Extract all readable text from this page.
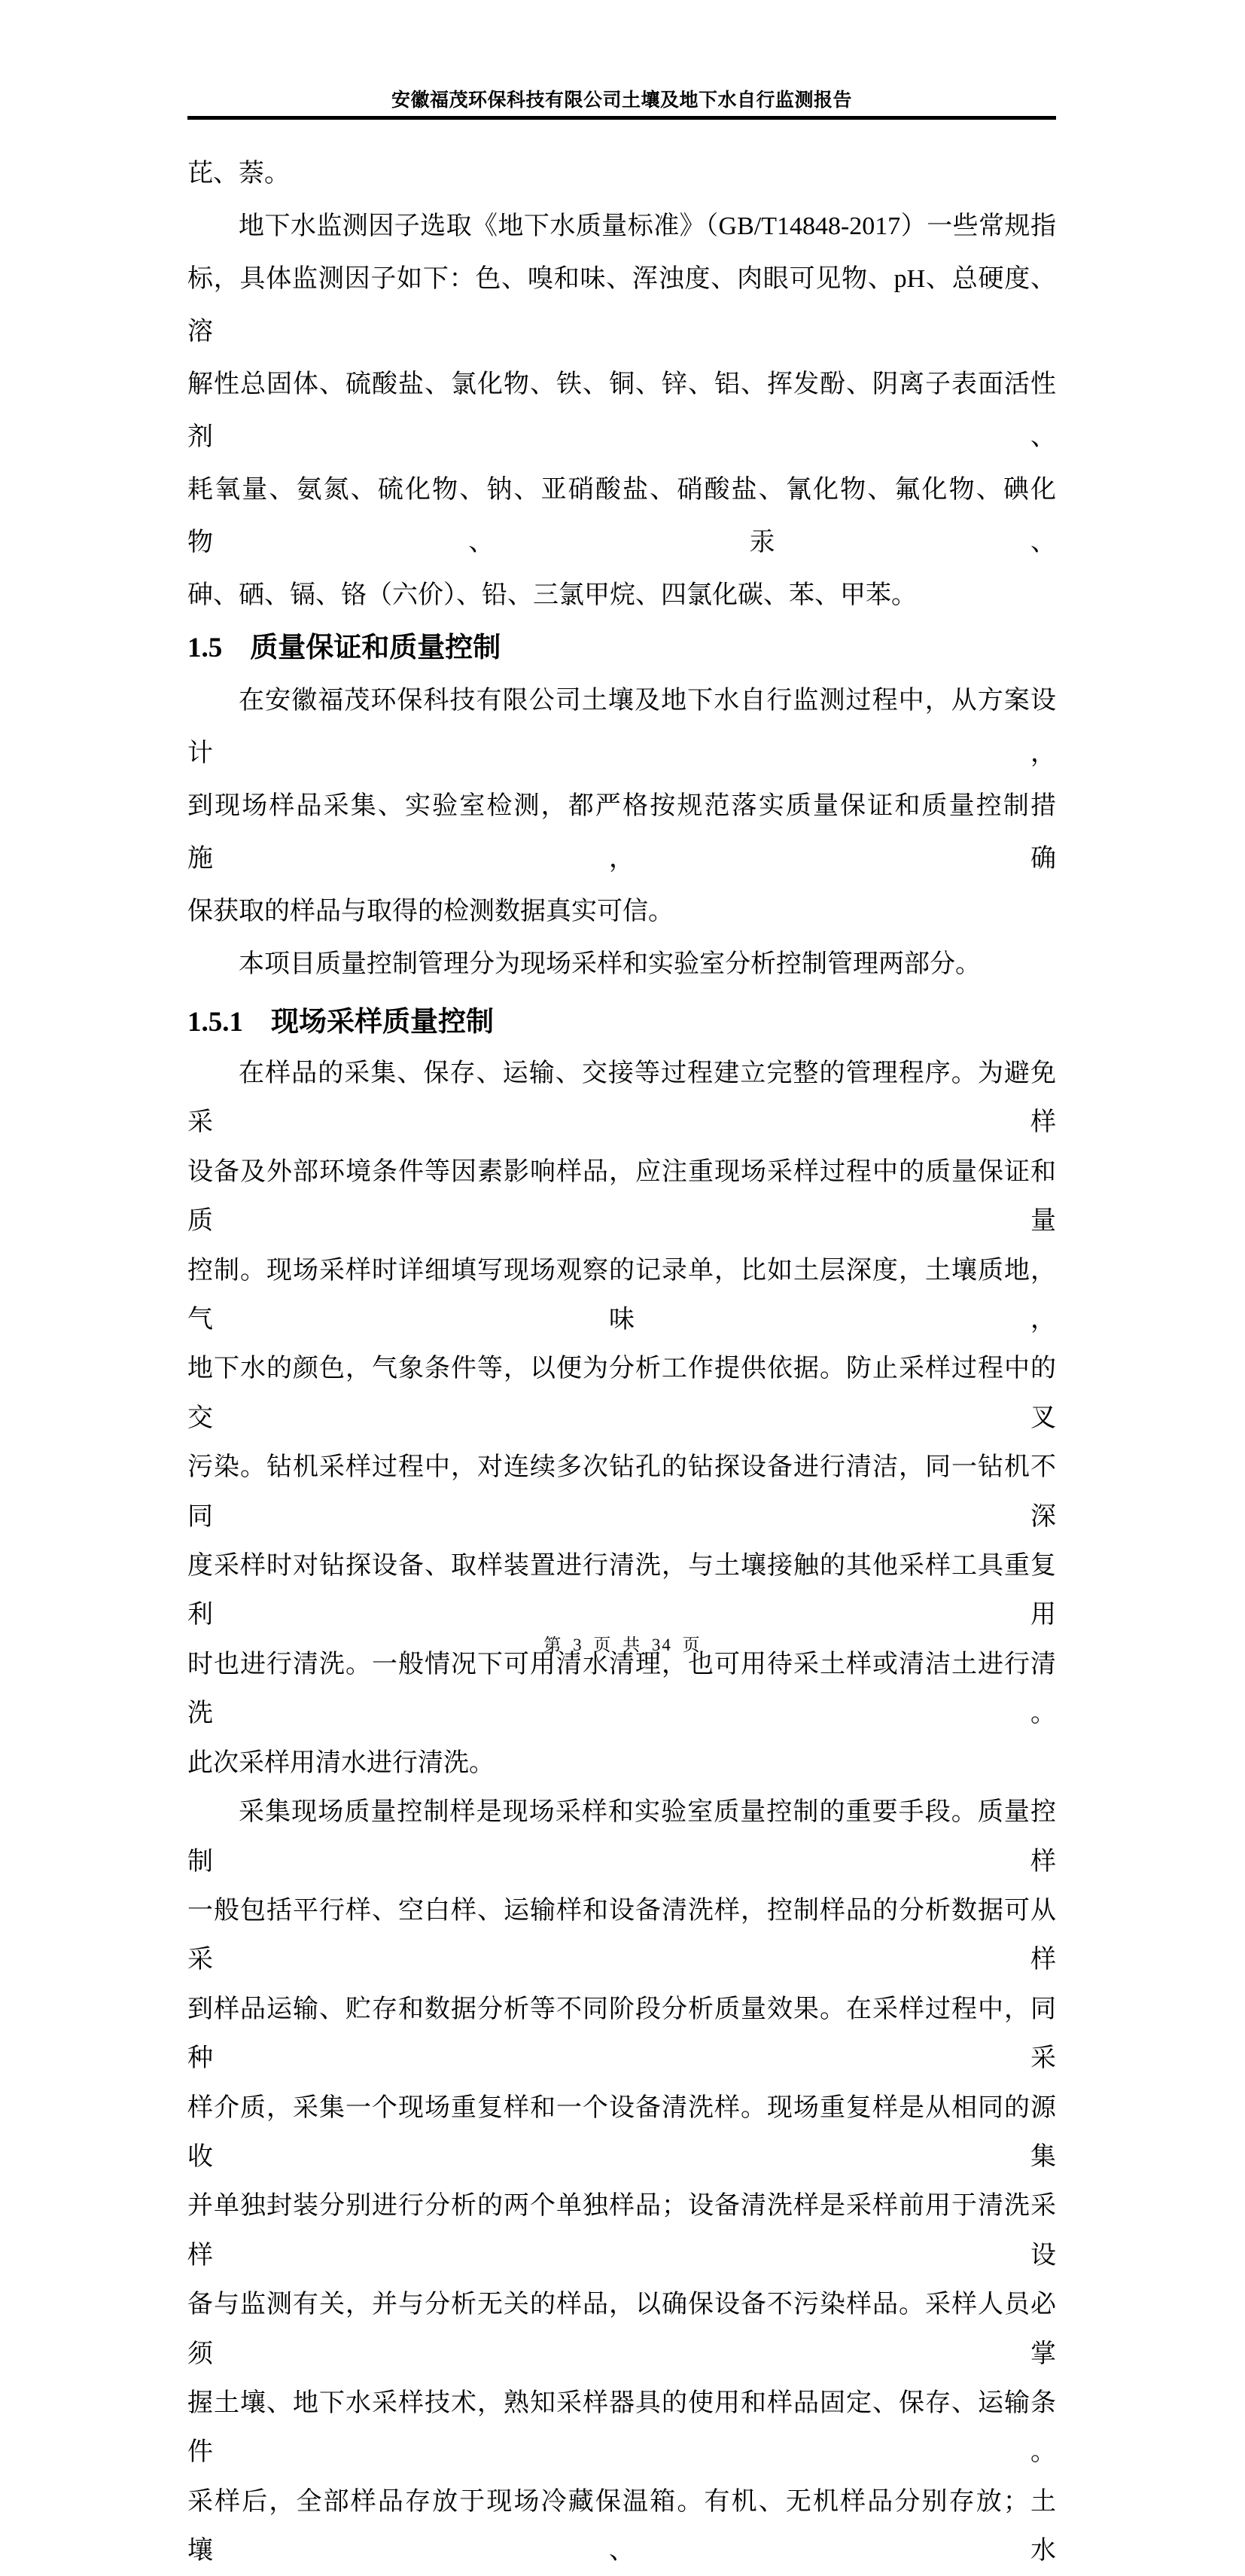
安徽福茂环保科技有限公司土壤及地下水自行监测报告
芘、萘。
地下水监测因子选取《地下水质量标准》（GB/T14848-2017）一些常规指
标，具体监测因子如下：色、嗅和味、浑浊度、肉眼可见物、pH、总硬度、溶
解性总固体、硫酸盐、氯化物、铁、铜、锌、铝、挥发酚、阴离子表面活性剂、
耗氧量、氨氮、硫化物、钠、亚硝酸盐、硝酸盐、氰化物、氟化物、碘化物、汞、
砷、硒、镉、铬（六价）、铅、三氯甲烷、四氯化碳、苯、甲苯。
1.5　质量保证和质量控制
在安徽福茂环保科技有限公司土壤及地下水自行监测过程中，从方案设计，
到现场样品采集、实验室检测，都严格按规范落实质量保证和质量控制措施，确
保获取的样品与取得的检测数据真实可信。
本项目质量控制管理分为现场采样和实验室分析控制管理两部分。
1.5.1　现场采样质量控制
在样品的采集、保存、运输、交接等过程建立完整的管理程序。为避免采样
设备及外部环境条件等因素影响样品，应注重现场采样过程中的质量保证和质量
控制。现场采样时详细填写现场观察的记录单，比如土层深度，土壤质地，气味，
地下水的颜色，气象条件等，以便为分析工作提供依据。防止采样过程中的交叉
污染。钻机采样过程中，对连续多次钻孔的钻探设备进行清洁，同一钻机不同深
度采样时对钻探设备、取样装置进行清洗，与土壤接触的其他采样工具重复利用
时也进行清洗。一般情况下可用清水清理，也可用待采土样或清洁土进行清洗。
此次采样用清水进行清洗。
采集现场质量控制样是现场采样和实验室质量控制的重要手段。质量控制样
一般包括平行样、空白样、运输样和设备清洗样，控制样品的分析数据可从采样
到样品运输、贮存和数据分析等不同阶段分析质量效果。在采样过程中，同种采
样介质，采集一个现场重复样和一个设备清洗样。现场重复样是从相同的源收集
并单独封装分别进行分析的两个单独样品；设备清洗样是采样前用于清洗采样设
备与监测有关，并与分析无关的样品，以确保设备不污染样品。采样人员必须掌
握土壤、地下水采样技术，熟知采样器具的使用和样品固定、保存、运输条件。
采样后，全部样品存放于现场冷藏保温箱。有机、无机样品分别存放；土壤、水
第 3 页 共 34 页
